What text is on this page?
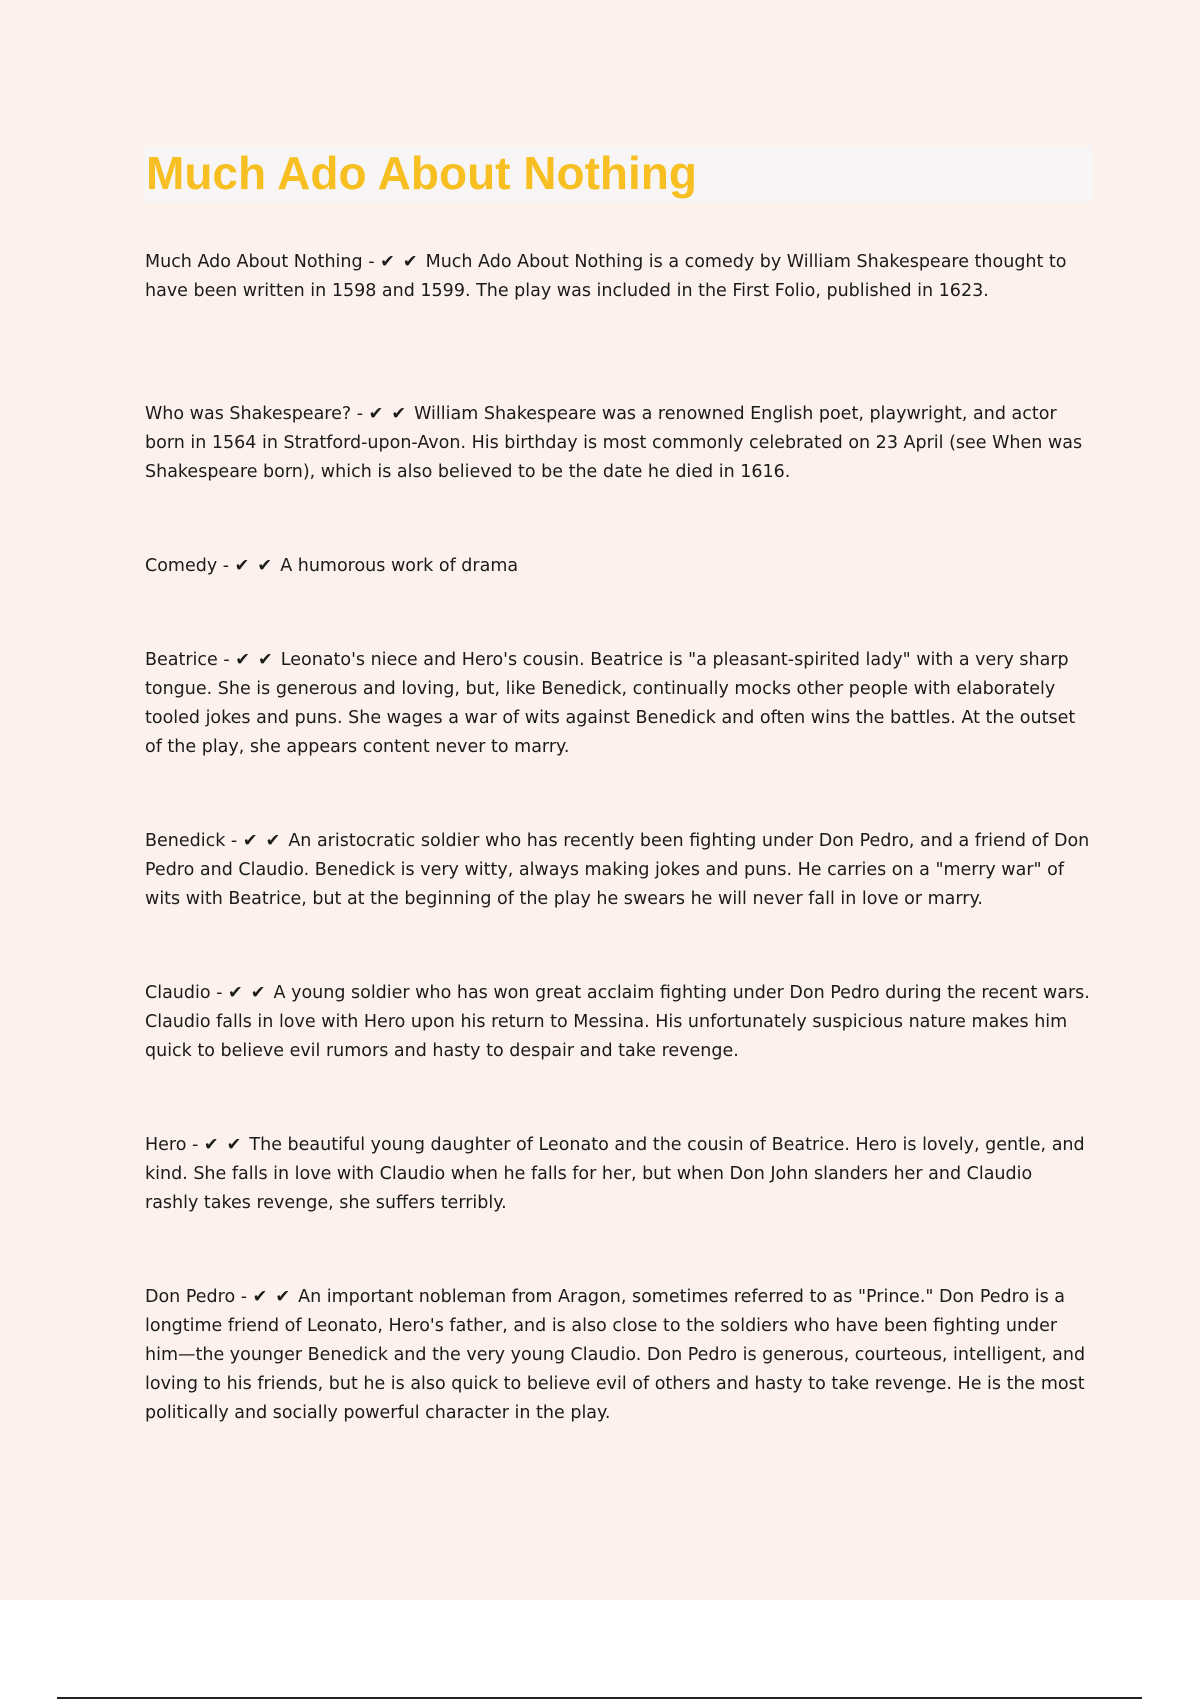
Much Ado About Nothing

Much Ado About Nothing - ✔ ✔ Much Ado About Nothing is a comedy by William Shakespeare thought to have been written in 1598 and 1599. The play was included in the First Folio, published in 1623.

Who was Shakespeare? - ✔ ✔ William Shakespeare was a renowned English poet, playwright, and actor born in 1564 in Stratford-upon-Avon. His birthday is most commonly celebrated on 23 April (see When was Shakespeare born), which is also believed to be the date he died in 1616.

Comedy - ✔ ✔ A humorous work of drama

Beatrice - ✔ ✔ Leonato's niece and Hero's cousin. Beatrice is "a pleasant-spirited lady" with a very sharp tongue. She is generous and loving, but, like Benedick, continually mocks other people with elaborately tooled jokes and puns. She wages a war of wits against Benedick and often wins the battles. At the outset of the play, she appears content never to marry.

Benedick - ✔ ✔ An aristocratic soldier who has recently been fighting under Don Pedro, and a friend of Don Pedro and Claudio. Benedick is very witty, always making jokes and puns. He carries on a "merry war" of wits with Beatrice, but at the beginning of the play he swears he will never fall in love or marry.

Claudio - ✔ ✔ A young soldier who has won great acclaim fighting under Don Pedro during the recent wars. Claudio falls in love with Hero upon his return to Messina. His unfortunately suspicious nature makes him quick to believe evil rumors and hasty to despair and take revenge.

Hero - ✔ ✔ The beautiful young daughter of Leonato and the cousin of Beatrice. Hero is lovely, gentle, and kind. She falls in love with Claudio when he falls for her, but when Don John slanders her and Claudio rashly takes revenge, she suffers terribly.

Don Pedro - ✔ ✔ An important nobleman from Aragon, sometimes referred to as "Prince." Don Pedro is a longtime friend of Leonato, Hero's father, and is also close to the soldiers who have been fighting under him—the younger Benedick and the very young Claudio. Don Pedro is generous, courteous, intelligent, and loving to his friends, but he is also quick to believe evil of others and hasty to take revenge. He is the most politically and socially powerful character in the play.
